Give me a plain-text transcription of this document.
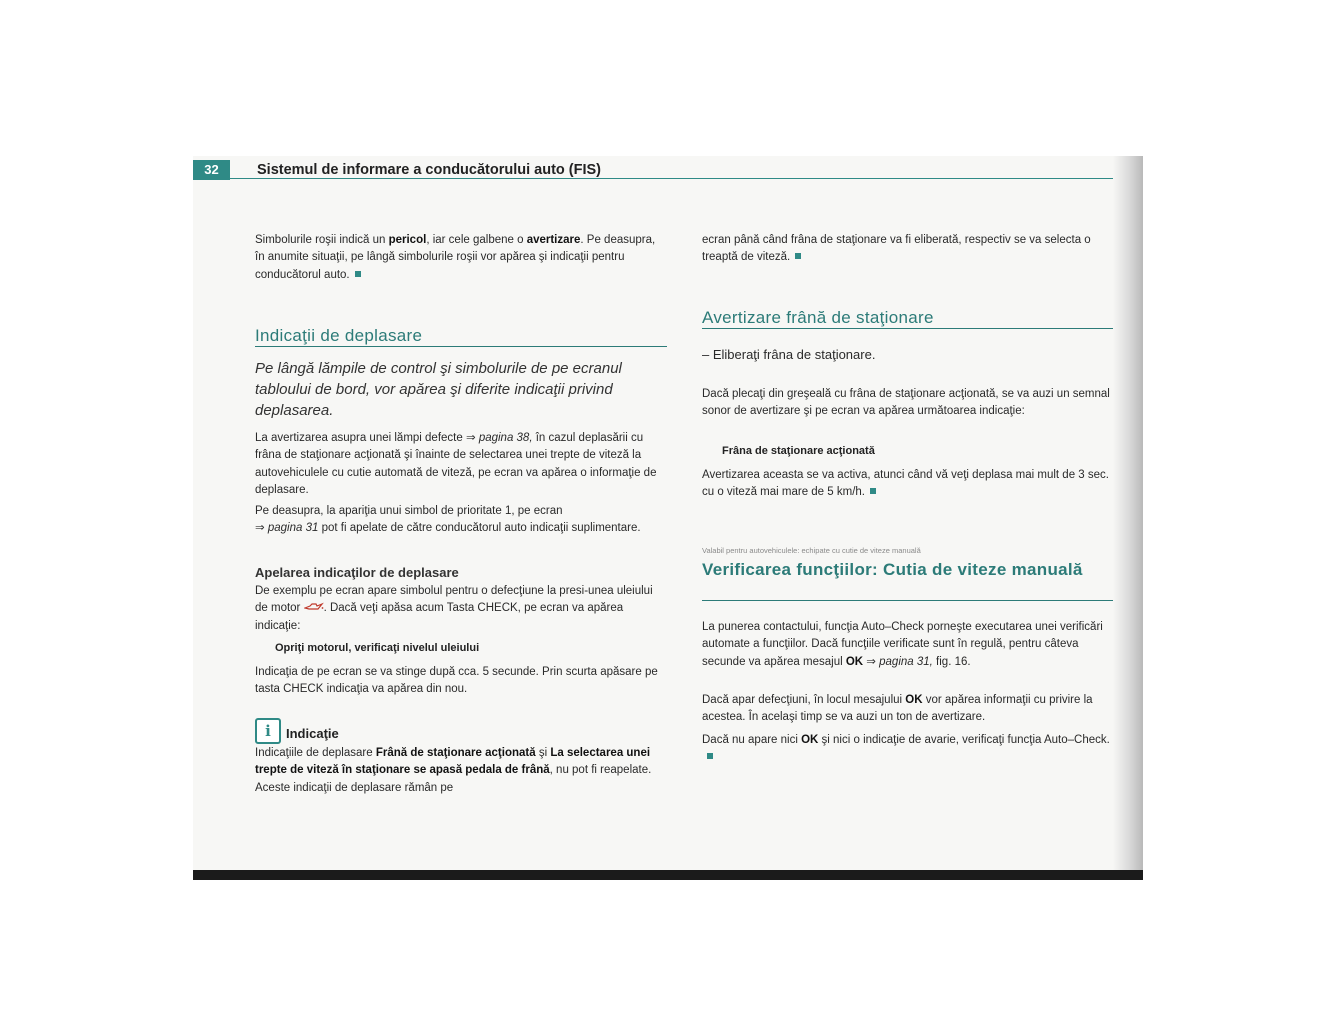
32	Sistemul de informare a conducătorului auto (FIS)

Simbolurile roşii indică un pericol, iar cele galbene o avertizare. Pe deasupra, în anumite situaţii, pe lângă simbolurile roşii vor apărea şi indicaţii pentru conducătorul auto.

Indicaţii de deplasare

Pe lângă lămpile de control şi simbolurile de pe ecranul tabloului de bord, vor apărea şi diferite indicaţii privind deplasarea.

La avertizarea asupra unei lămpi defecte ⇒ pagina 38, în cazul deplasării cu frâna de staţionare acţionată şi înainte de selectarea unei trepte de viteză la autovehiculele cu cutie automată de viteză, pe ecran va apărea o informaţie de deplasare.

Pe deasupra, la apariţia unui simbol de prioritate 1, pe ecran
⇒ pagina 31 pot fi apelate de către conducătorul auto indicaţii suplimentare.

Apelarea indicaţilor de deplasare

De exemplu pe ecran apare simbolul pentru o defecţiune la presi-unea uleiului de motor . Dacă veţi apăsa acum Tasta CHECK, pe ecran va apărea indicaţie:

Opriţi motorul, verificaţi nivelul uleiului

Indicaţia de pe ecran se va stinge după cca. 5 secunde. Prin scurta apăsare pe tasta CHECK indicaţia va apărea din nou.

i	Indicaţie

Indicaţiile de deplasare Frână de staţionare acţionată şi La selectarea unei trepte de viteză în staţionare se apasă pedala de frână, nu pot fi reapelate. Aceste indicaţii de deplasare rămân pe

ecran până când frâna de staţionare va fi eliberată, respectiv se va selecta o treaptă de viteză.

Avertizare frână de staţionare

– Eliberaţi frâna de staţionare.

Dacă plecaţi din greşeală cu frâna de staţionare acţionată, se va auzi un semnal sonor de avertizare şi pe ecran va apărea următoarea indicaţie:

Frâna de staţionare acţionată

Avertizarea aceasta se va activa, atunci când vă veţi deplasa mai mult de 3 sec. cu o viteză mai mare de 5 km/h.

Valabil pentru autovehiculele: echipate cu cutie de viteze manuală

Verificarea funcţiilor: Cutia de viteze manuală

La punerea contactului, funcţia Auto–Check porneşte executarea unei verificări automate a funcţiilor. Dacă funcţiile verificate sunt în regulă, pentru câteva secunde va apărea mesajul OK ⇒ pagina 31, fig. 16.

Dacă apar defecţiuni, în locul mesajului OK vor apărea informaţii cu privire la acestea. În acelaşi timp se va auzi un ton de avertizare.

Dacă nu apare nici OK şi nici o indicaţie de avarie, verificaţi funcţia Auto–Check.
